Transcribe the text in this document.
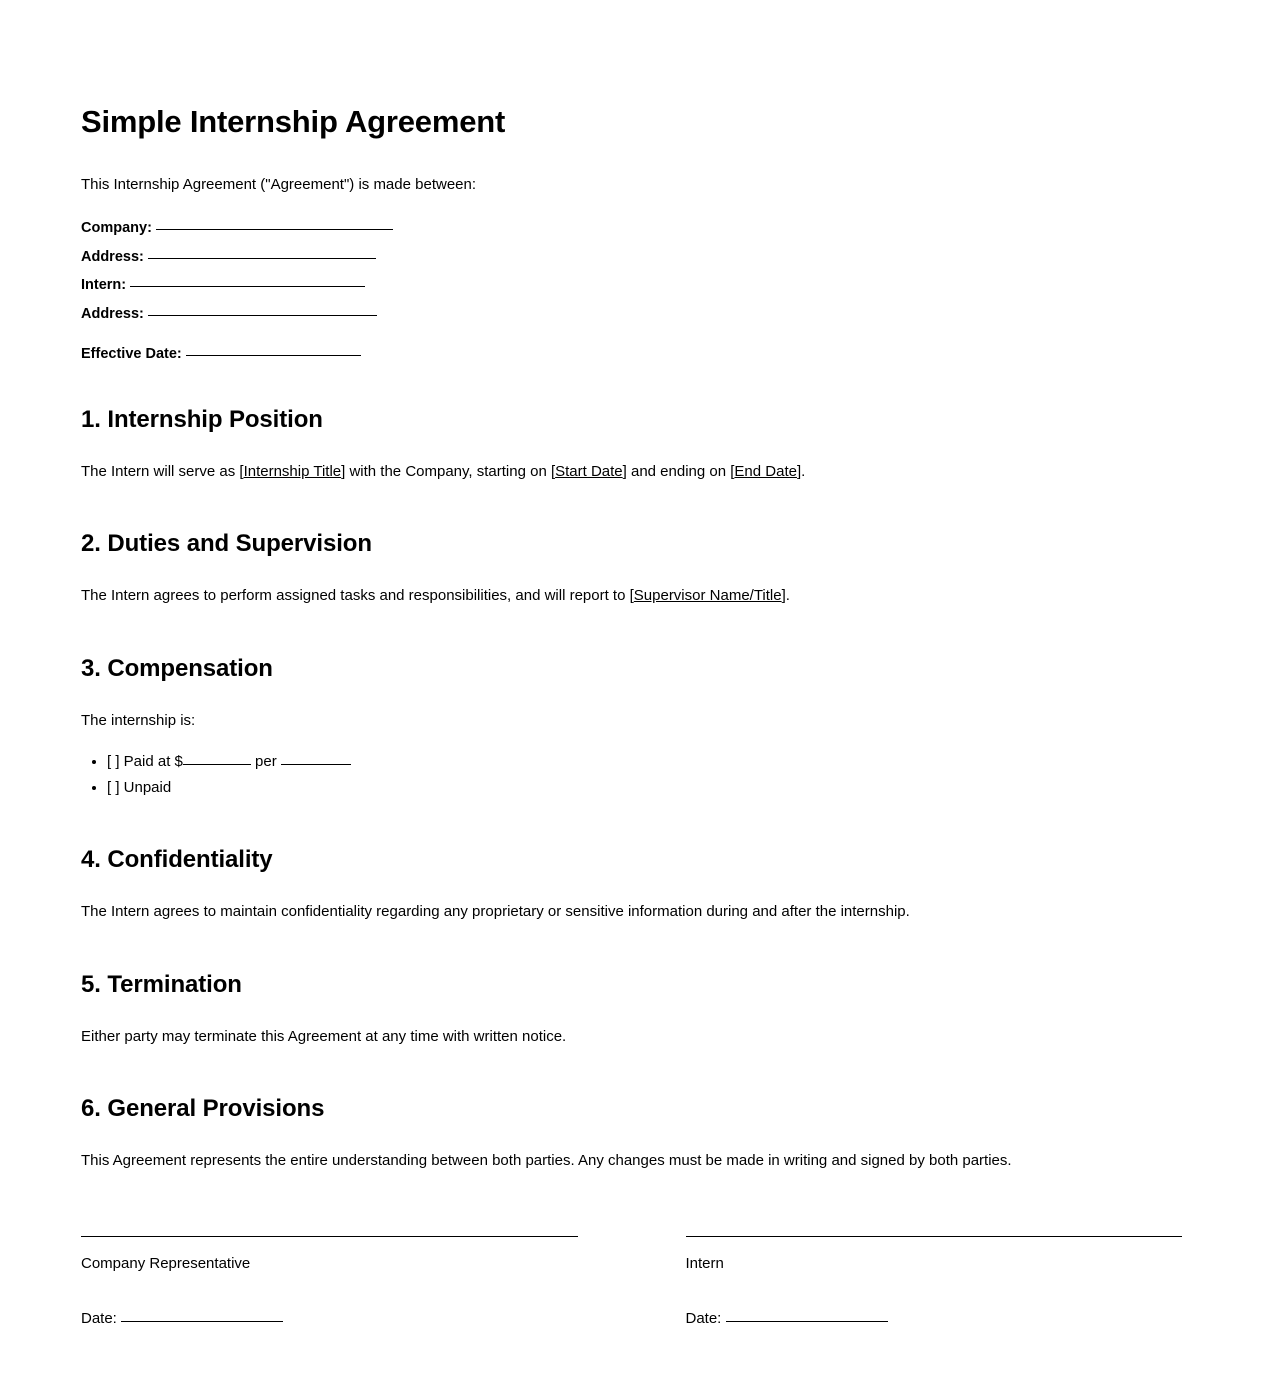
Simple Internship Agreement

This Internship Agreement ("Agreement") is made between:

Company:
Address:
Intern:
Address:
Effective Date:
1. Internship Position

The Intern will serve as [Internship Title] with the Company, starting on [Start Date] and ending on [End Date].

2. Duties and Supervision

The Intern agrees to perform assigned tasks and responsibilities, and will report to [Supervisor Name/Title].

3. Compensation

The internship is:

• [ ] Paid at $	per
• [ ] Unpaid
4. Confidentiality

The Intern agrees to maintain confidentiality regarding any proprietary or sensitive information during and after the internship.

5. Termination

Either party may terminate this Agreement at any time with written notice.

6. General Provisions

This Agreement represents the entire understanding between both parties. Any changes must be made in writing and signed by both parties.

Company Representative

Date:

Intern

Date:
